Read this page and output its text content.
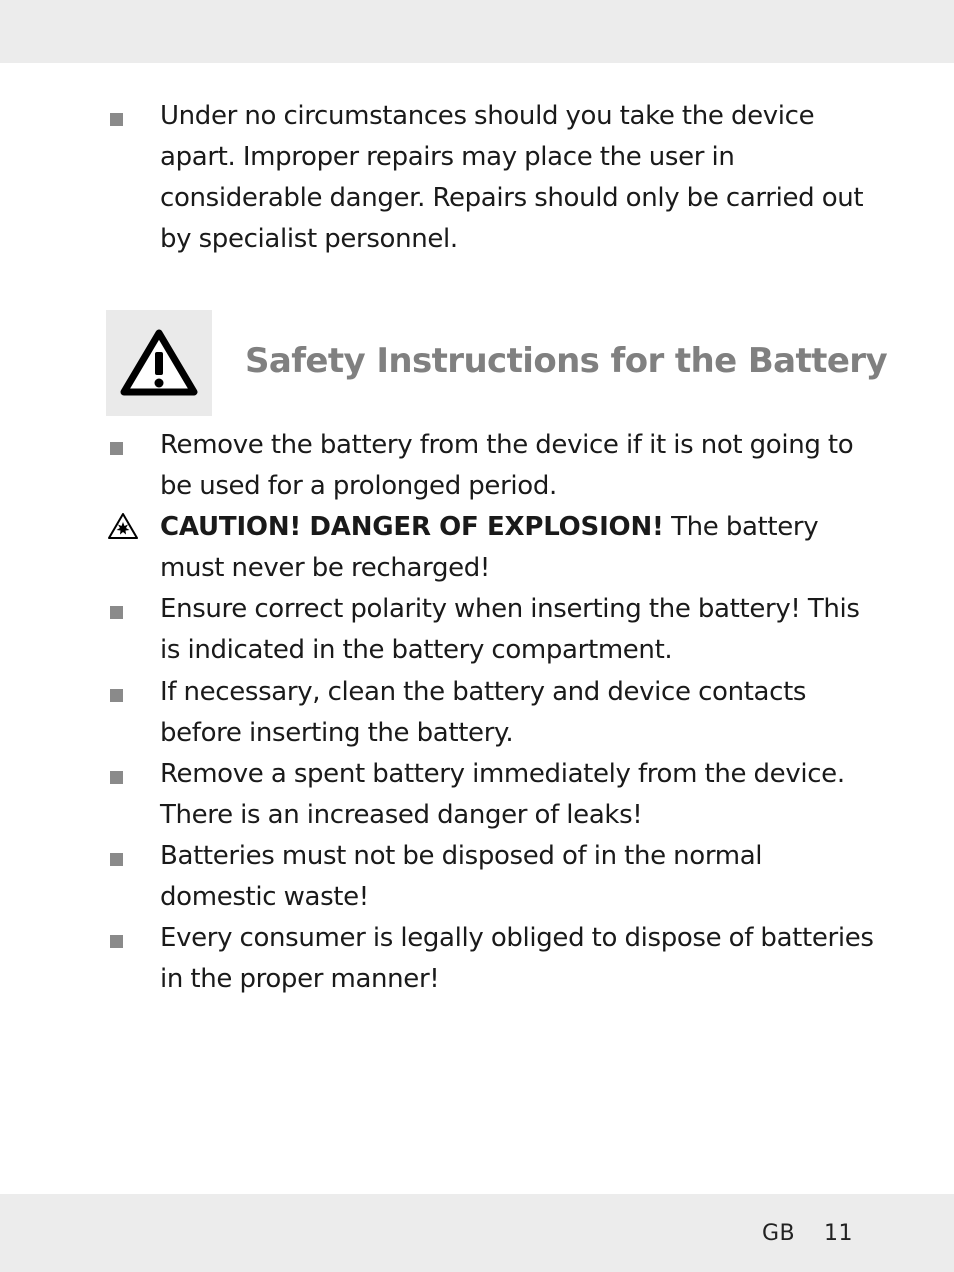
Under no circumstances should you take the device apart. Improper repairs may place the user in considerable danger. Repairs should only be carried out by specialist personnel.

Safety Instructions for the Battery

Remove the battery from the device if it is not going to be used for a prolonged period.

CAUTION! DANGER OF EXPLOSION! The battery must never be recharged!

Ensure correct polarity when inserting the battery! This is indicated in the battery compartment.

If necessary, clean the battery and device contacts before inserting the battery.

Remove a spent battery immediately from the device. There is an increased danger of leaks!

Batteries must not be disposed of in the normal domestic waste!

Every consumer is legally obliged to dispose of batteries in the proper manner!

GB 11
